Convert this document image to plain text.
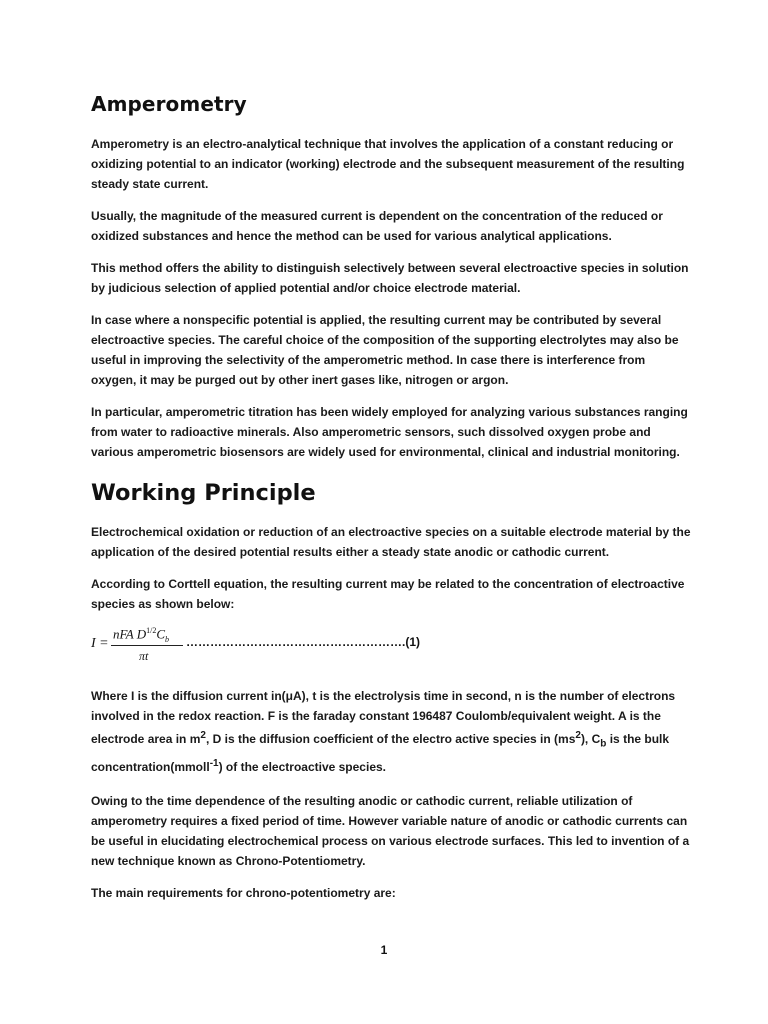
Amperometry

Amperometry is an electro-analytical technique that involves the application of a constant reducing or oxidizing potential to an indicator (working) electrode and the subsequent measurement of the resulting steady state current.

Usually, the magnitude of the measured current is dependent on the concentration of the reduced or oxidized substances and hence the method can be used for various analytical applications.

This method offers the ability to distinguish selectively between several electroactive species in solution by judicious selection of applied potential and/or choice electrode material.

In case where a nonspecific potential is applied, the resulting current may be contributed by several electroactive species. The careful choice of the composition of the supporting electrolytes may also be useful in improving the selectivity of the amperometric method. In case there is interference from oxygen, it may be purged out by other inert gases like, nitrogen or argon.

In particular, amperometric titration has been widely employed for analyzing various substances ranging from water to radioactive minerals. Also amperometric sensors, such dissolved oxygen probe and various amperometric biosensors are widely used for environmental, clinical and industrial monitoring.

Working Principle

Electrochemical oxidation or reduction of an electroactive species on a suitable electrode material by the application of the desired potential results either a steady state anodic or cathodic current.

According to Corttell equation, the resulting current may be related to the concentration of electroactive species as shown below:

I =
nFA $D^{1/2}C_b$
πt
……………………………………………….(1)

Where I is the diffusion current in(μA), t is the electrolysis time in second, n is the number of electrons involved in the redox reaction. F is the faraday constant 196487 Coulomb/equivalent weight. A is the electrode area in $m^2$, D is the diffusion coefficient of the electro active species in $(ms^2)$, $C_b$ is the bulk concentration(mmoll$^{-1}$) of the electroactive species.

Owing to the time dependence of the resulting anodic or cathodic current, reliable utilization of amperometry requires a fixed period of time. However variable nature of anodic or cathodic currents can be useful in elucidating electrochemical process on various electrode surfaces. This led to invention of a new technique known as Chrono-Potentiometry.

The main requirements for chrono-potentiometry are:

1
